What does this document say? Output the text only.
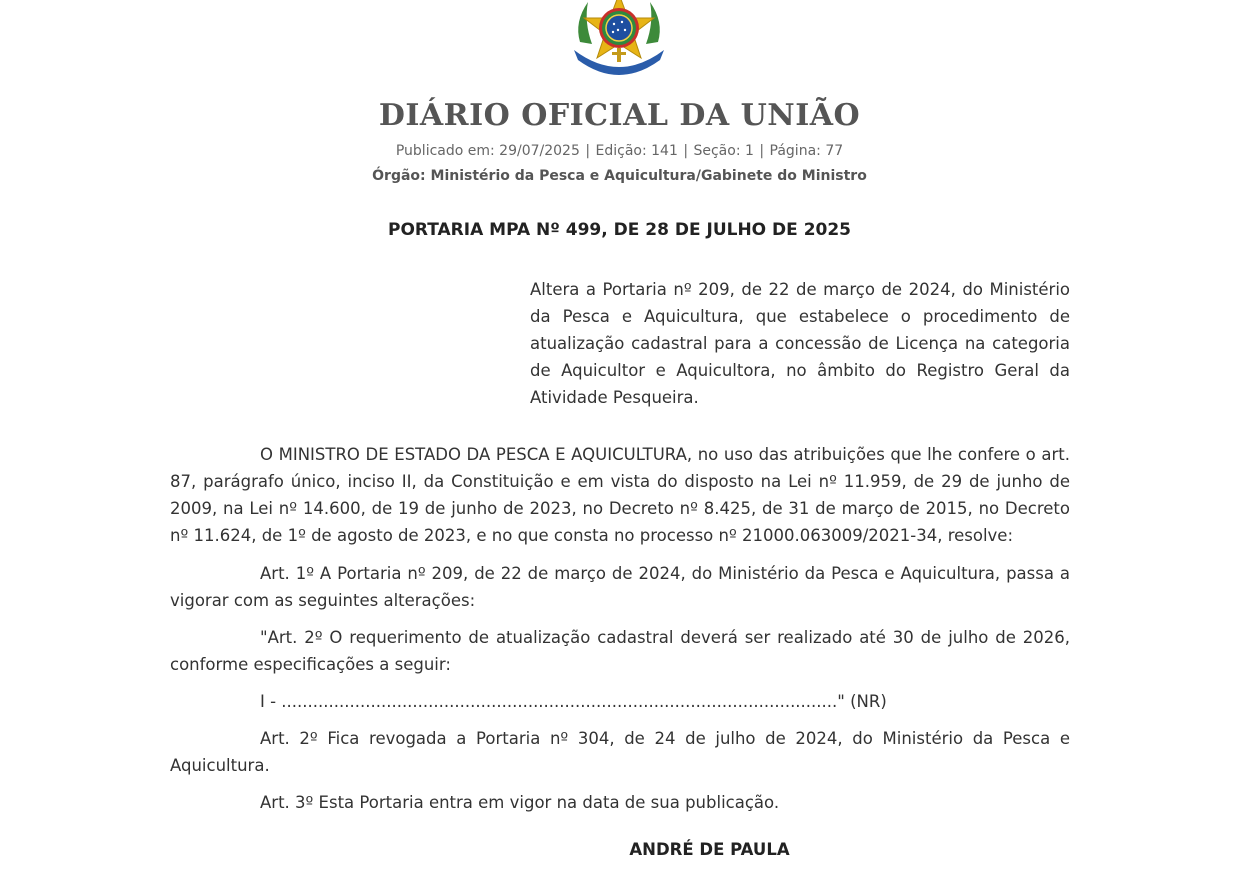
DIÁRIO OFICIAL DA UNIÃO
Publicado em: 29/07/2025 | Edição: 141 | Seção: 1 | Página: 77
Órgão: Ministério da Pesca e Aquicultura/Gabinete do Ministro
PORTARIA MPA Nº 499, DE 28 DE JULHO DE 2025
Altera a Portaria nº 209, de 22 de março de 2024, do Ministério da Pesca e Aquicultura, que estabelece o procedimento de atualização cadastral para a concessão de Licença na categoria de Aquicultor e Aquicultora, no âmbito do Registro Geral da Atividade Pesqueira.

O MINISTRO DE ESTADO DA PESCA E AQUICULTURA, no uso das atribuições que lhe confere o art. 87, parágrafo único, inciso II, da Constituição e em vista do disposto na Lei nº 11.959, de 29 de junho de 2009, na Lei nº 14.600, de 19 de junho de 2023, no Decreto nº 8.425, de 31 de março de 2015, no Decreto nº 11.624, de 1º de agosto de 2023, e no que consta no processo nº 21000.063009/2021-34, resolve:

Art. 1º A Portaria nº 209, de 22 de março de 2024, do Ministério da Pesca e Aquicultura, passa a vigorar com as seguintes alterações:

"Art. 2º O requerimento de atualização cadastral deverá ser realizado até 30 de julho de 2026, conforme especificações a seguir:

I - .........................................................................................................." (NR)

Art. 2º Fica revogada a Portaria nº 304, de 24 de julho de 2024, do Ministério da Pesca e Aquicultura.

Art. 3º Esta Portaria entra em vigor na data de sua publicação.

ANDRÉ DE PAULA
